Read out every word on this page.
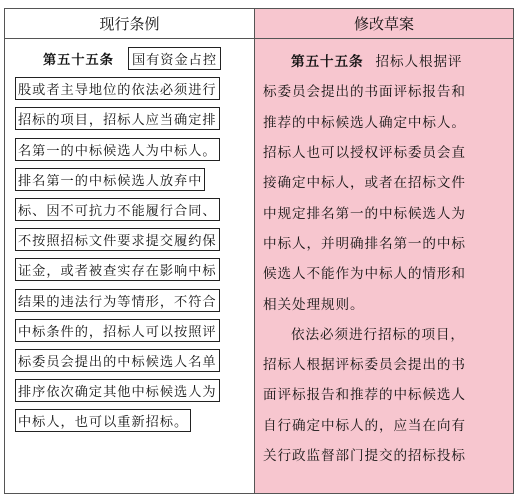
现行条例	修改草案
第五十五条	国有资金占控
股或者主导地位的依法必须进行
招标的项目，招标人应当确定排
名第一的中标候选人为中标人。
排名第一的中标候选人放弃中
标、因不可抗力不能履行合同、
不按照招标文件要求提交履约保
证金，或者被查实存在影响中标
结果的违法行为等情形，不符合
中标条件的，招标人可以按照评
标委员会提出的中标候选人名单
排序依次确定其他中标候选人为
中标人，也可以重新招标。
第五十五条 招标人根据评
标委员会提出的书面评标报告和
推荐的中标候选人确定中标人。
招标人也可以授权评标委员会直
接确定中标人，或者在招标文件
中规定排名第一的中标候选人为
中标人，并明确排名第一的中标
候选人不能作为中标人的情形和
相关处理规则。
依法必须进行招标的项目，
招标人根据评标委员会提出的书
面评标报告和推荐的中标候选人
自行确定中标人的，应当在向有
关行政监督部门提交的招标投标
